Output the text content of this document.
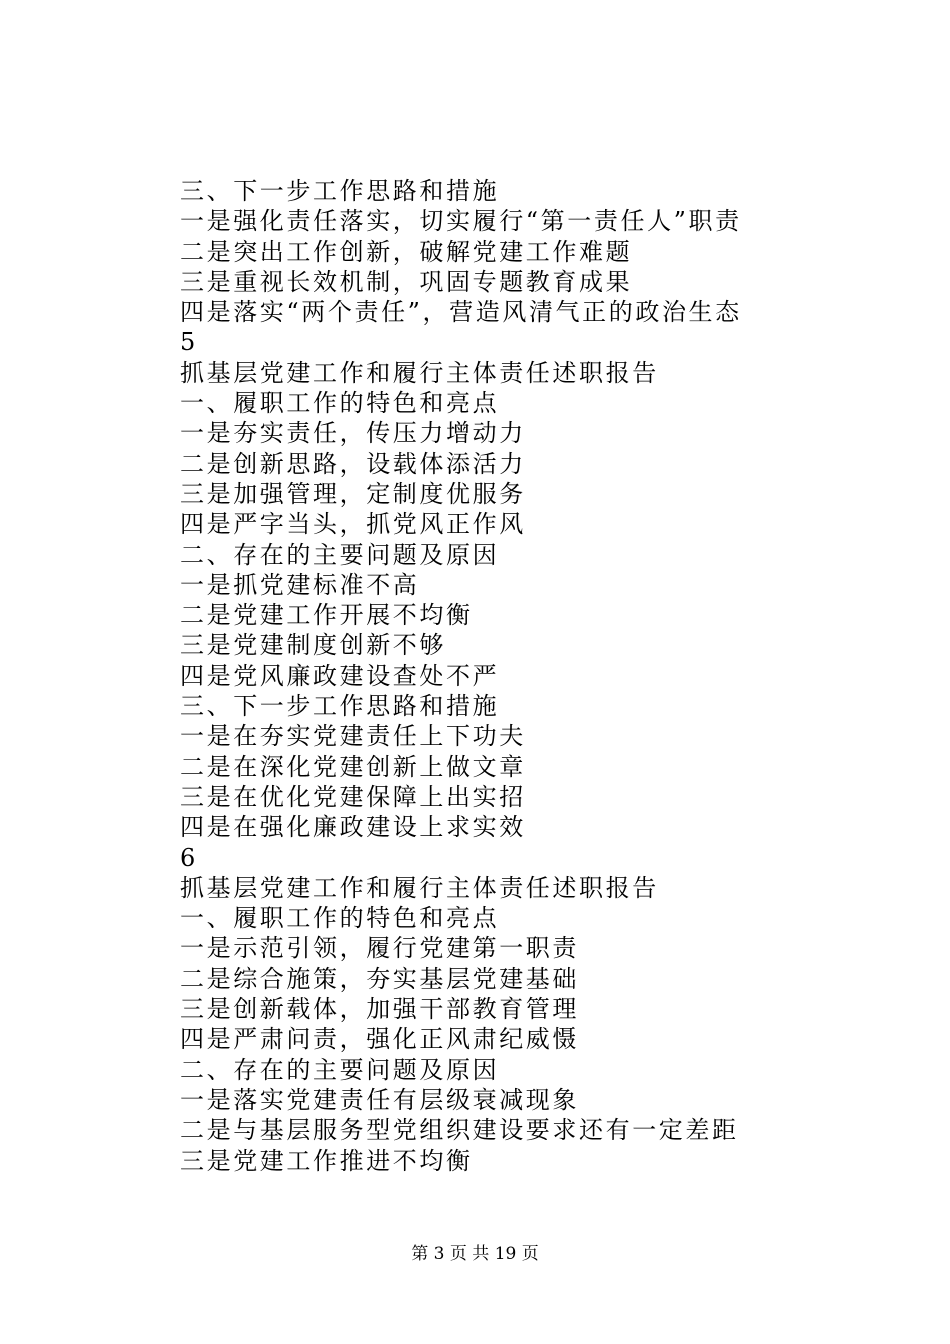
三、下一步工作思路和措施
一是强化责任落实，切实履行“第一责任人”职责
二是突出工作创新，破解党建工作难题
三是重视长效机制，巩固专题教育成果
四是落实“两个责任”，营造风清气正的政治生态
5
抓基层党建工作和履行主体责任述职报告
一、履职工作的特色和亮点
一是夯实责任，传压力增动力
二是创新思路，设载体添活力
三是加强管理，定制度优服务
四是严字当头，抓党风正作风
二、存在的主要问题及原因
一是抓党建标准不高
二是党建工作开展不均衡
三是党建制度创新不够
四是党风廉政建设查处不严
三、下一步工作思路和措施
一是在夯实党建责任上下功夫
二是在深化党建创新上做文章
三是在优化党建保障上出实招
四是在强化廉政建设上求实效
6
抓基层党建工作和履行主体责任述职报告
一、履职工作的特色和亮点
一是示范引领，履行党建第一职责
二是综合施策，夯实基层党建基础
三是创新载体，加强干部教育管理
四是严肃问责，强化正风肃纪威慑
二、存在的主要问题及原因
一是落实党建责任有层级衰减现象
二是与基层服务型党组织建设要求还有一定差距
三是党建工作推进不均衡
第 3 页 共 19 页
